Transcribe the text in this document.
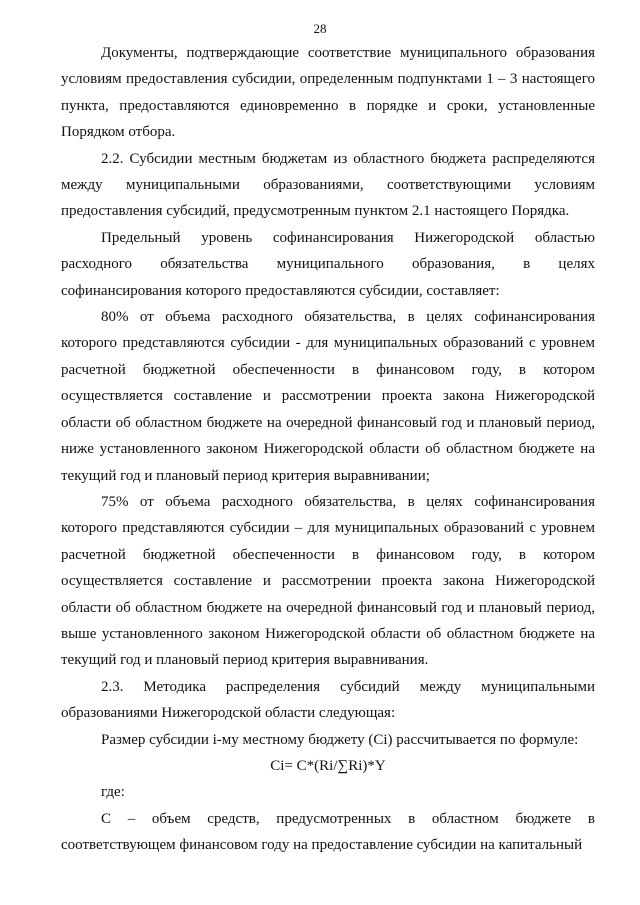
28

Документы, подтверждающие соответствие муниципального образования условиям предоставления субсидии, определенным подпунктами 1 – 3 настоящего пункта, предоставляются единовременно в порядке и сроки, установленные Порядком отбора.

2.2. Субсидии местным бюджетам из областного бюджета распределяются между муниципальными образованиями, соответствующими условиям предоставления субсидий, предусмотренным пунктом 2.1 настоящего Порядка.

Предельный уровень софинансирования Нижегородской областью расходного обязательства муниципального образования, в целях софинансирования которого предоставляются субсидии, составляет:

80% от объема расходного обязательства, в целях софинансирования которого представляются субсидии - для муниципальных образований с уровнем расчетной бюджетной обеспеченности в финансовом году, в котором осуществляется составление и рассмотрении проекта закона Нижегородской области об областном бюджете на очередной финансовый год и плановый период, ниже установленного законом Нижегородской области об областном бюджете на текущий год и плановый период критерия выравнивании;

75% от объема расходного обязательства, в целях софинансирования которого представляются субсидии – для муниципальных образований с уровнем расчетной бюджетной обеспеченности в финансовом году, в котором осуществляется составление и рассмотрении проекта закона Нижегородской области об областном бюджете на очередной финансовый год и плановый период, выше установленного законом Нижегородской области об областном бюджете на текущий год и плановый период критерия выравнивания.

2.3. Методика распределения субсидий между муниципальными образованиями Нижегородской области следующая:

Размер субсидии i-му местному бюджету (Ci) рассчитывается по формуле:

Ci= C*(Ri/∑Ri)*Y

где:

C – объем средств, предусмотренных в областном бюджете в соответствующем финансовом году на предоставление субсидии на капитальный
